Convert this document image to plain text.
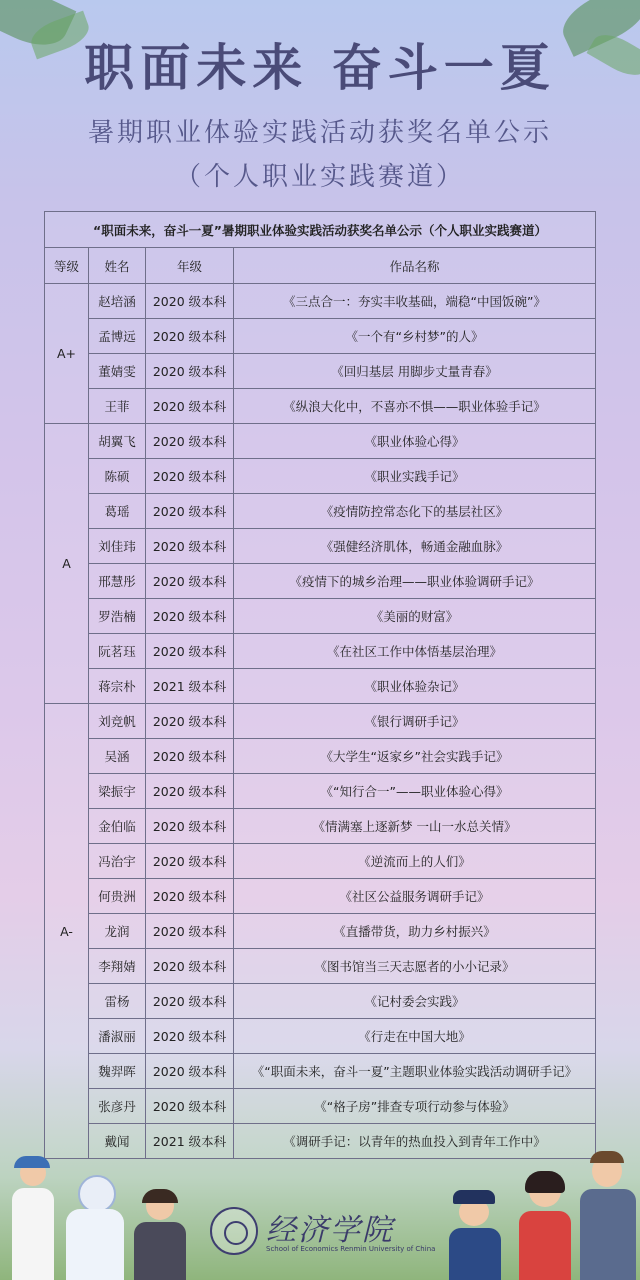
职面未来 奋斗一夏
暑期职业体验实践活动获奖名单公示
（个人职业实践赛道）
“职面未来，奋斗一夏”暑期职业体验实践活动获奖名单公示（个人职业实践赛道）			
等级	姓名	年级	作品名称
A+	赵培涵	2020 级本科	《三点合一：夯实丰收基础，端稳“中国饭碗”》
	孟博远	2020 级本科	《一个有“乡村梦”的人》
	董婧雯	2020 级本科	《回归基层 用脚步丈量青春》
	王菲	2020 级本科	《纵浪大化中，不喜亦不惧——职业体验手记》
A	胡翼飞	2020 级本科	《职业体验心得》
	陈硕	2020 级本科	《职业实践手记》
	葛瑶	2020 级本科	《疫情防控常态化下的基层社区》
	刘佳玮	2020 级本科	《强健经济肌体，畅通金融血脉》
	邢慧彤	2020 级本科	《疫情下的城乡治理——职业体验调研手记》
	罗浩楠	2020 级本科	《美丽的财富》
	阮茗珏	2020 级本科	《在社区工作中体悟基层治理》
	蒋宗朴	2021 级本科	《职业体验杂记》
A-	刘竞帆	2020 级本科	《银行调研手记》
	吴涵	2020 级本科	《大学生“返家乡”社会实践手记》
	梁振宇	2020 级本科	《“知行合一”——职业体验心得》
	金伯临	2020 级本科	《情满塞上逐新梦 一山一水总关情》
	冯治宇	2020 级本科	《逆流而上的人们》
	何贵洲	2020 级本科	《社区公益服务调研手记》
	龙润	2020 级本科	《直播带货，助力乡村振兴》
	李翔婧	2020 级本科	《图书馆当三天志愿者的小小记录》
	雷杨	2020 级本科	《记村委会实践》
	潘淑丽	2020 级本科	《行走在中国大地》
	魏羿晖	2020 级本科	《“职面未来，奋斗一夏”主题职业体验实践活动调研手记》
	张彦丹	2020 级本科	《“格子房”排查专项行动参与体验》
	戴闻	2021 级本科	《调研手记：以青年的热血投入到青年工作中》
经济学院
School of Economics Renmin University of China
